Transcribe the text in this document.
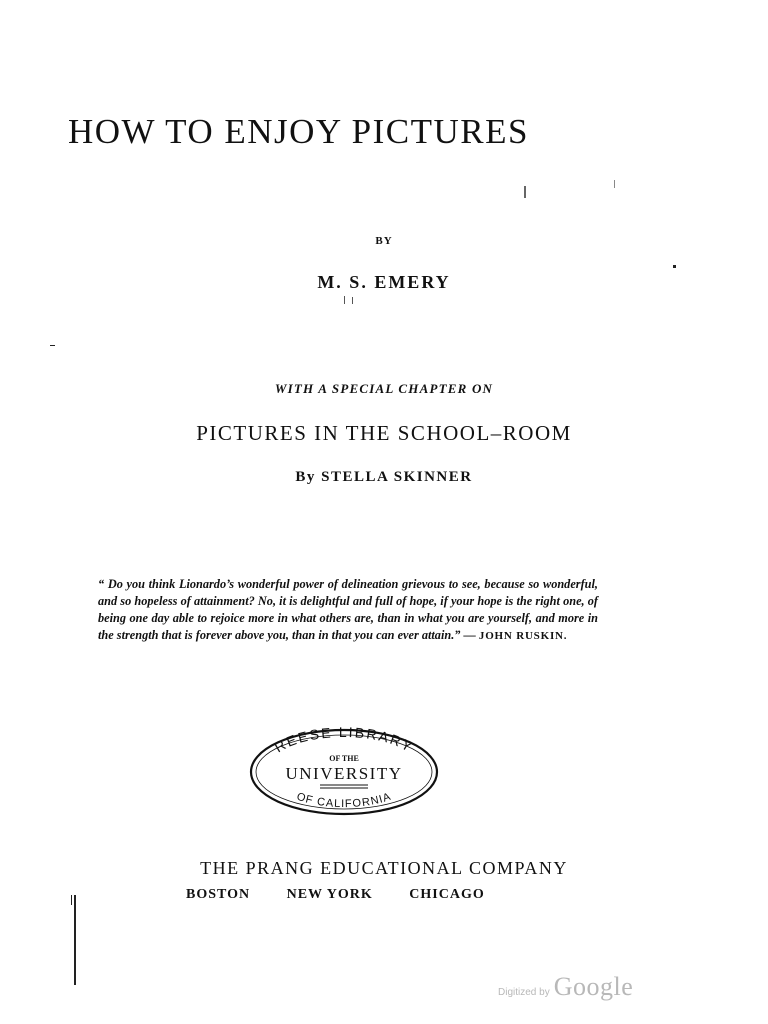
HOW TO ENJOY PICTURES
BY
M. S. EMERY
WITH A SPECIAL CHAPTER ON
PICTURES IN THE SCHOOL–ROOM
By STELLA SKINNER
“ Do you think Lionardo’s wonderful power of delineation grievous to see, because so wonderful, and so hopeless of attainment? No, it is delightful and full of hope, if your hope is the right one, of being one day able to rejoice more in what others are, than in what you are yourself, and more in the strength that is forever above you, than in that you can ever attain.” — JOHN RUSKIN.
REESE LIBRARY
OF THE
UNIVERSITY
OF CALIFORNIA
THE PRANG EDUCATIONAL COMPANY
BOSTON	NEW YORK	CHICAGO
Digitized by Google
